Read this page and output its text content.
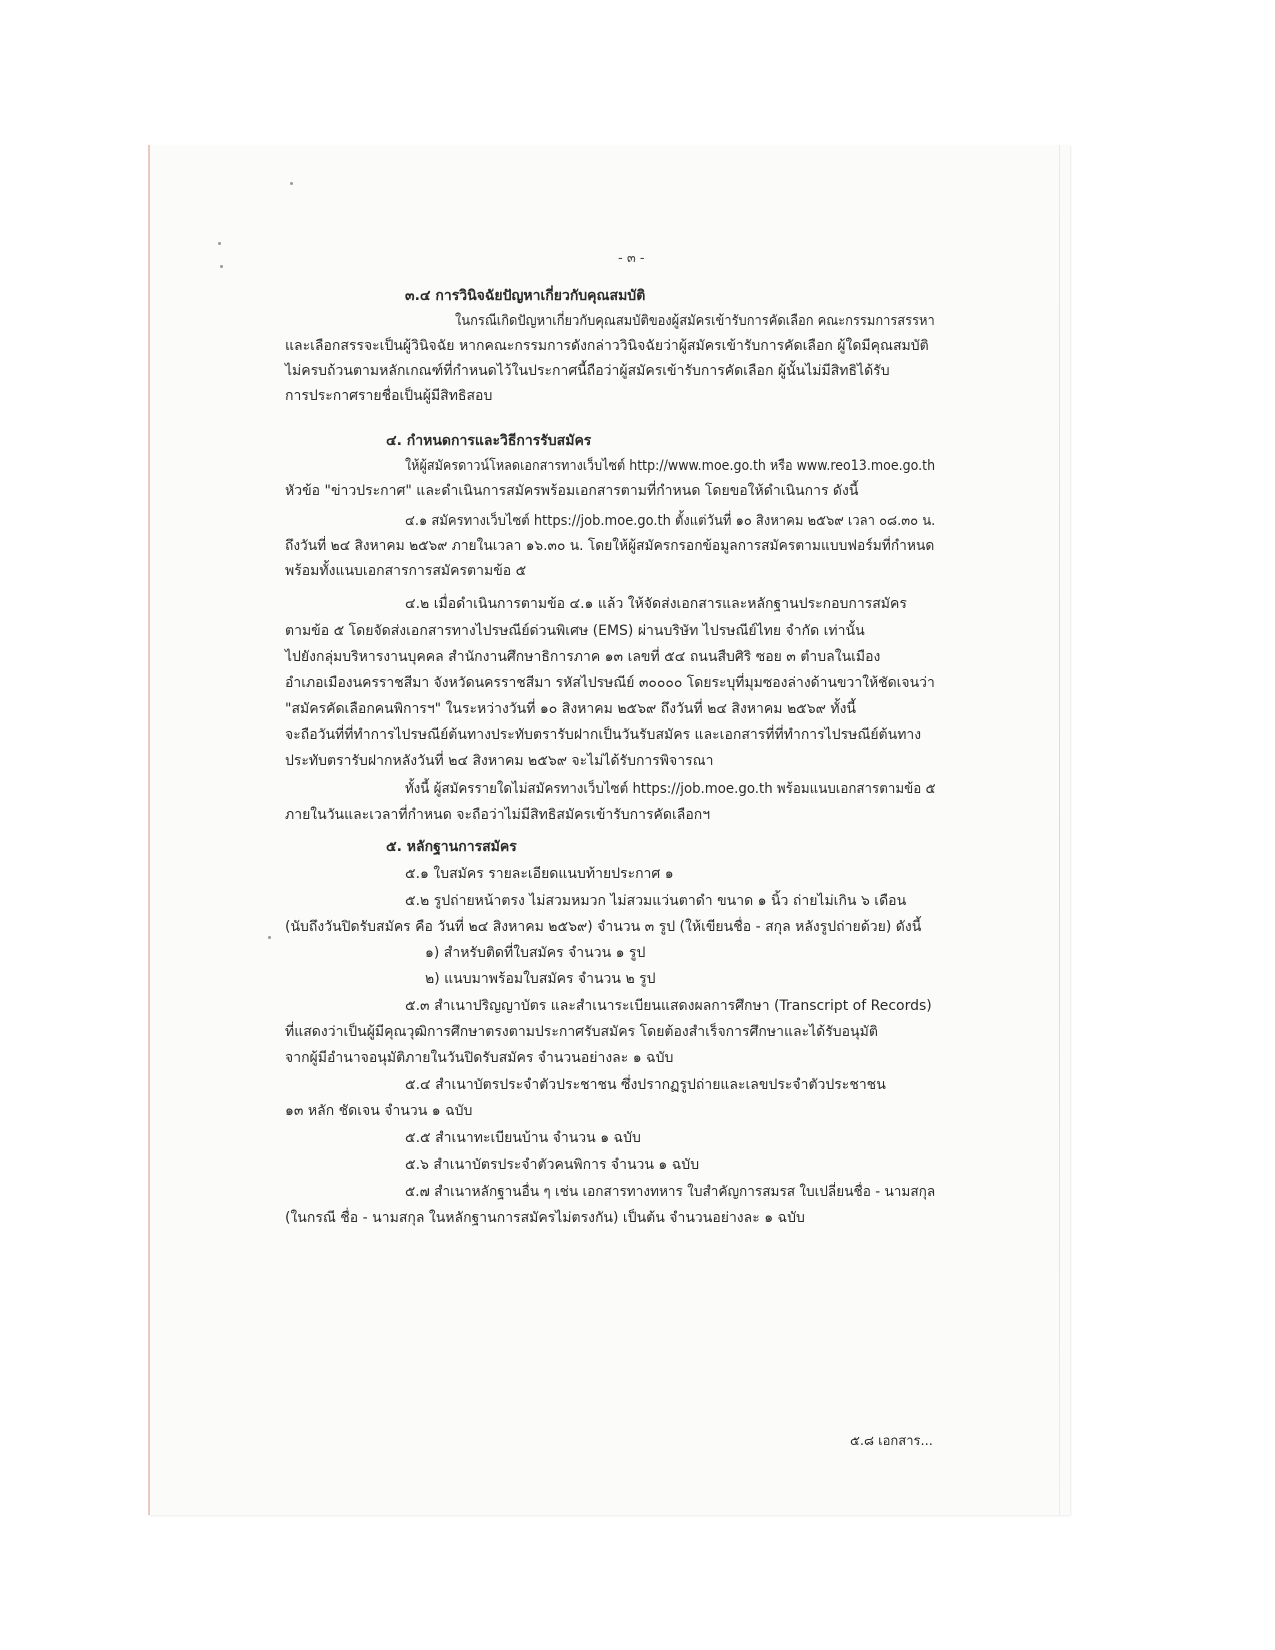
- ๓ -
๓.๔ การวินิจฉัยปัญหาเกี่ยวกับคุณสมบัติ
ในกรณีเกิดปัญหาเกี่ยวกับคุณสมบัติของผู้สมัครเข้ารับการคัดเลือก คณะกรรมการสรรหา
และเลือกสรรจะเป็นผู้วินิจฉัย หากคณะกรรมการดังกล่าววินิจฉัยว่าผู้สมัครเข้ารับการคัดเลือก ผู้ใดมีคุณสมบัติ
ไม่ครบถ้วนตามหลักเกณฑ์ที่กำหนดไว้ในประกาศนี้ถือว่าผู้สมัครเข้ารับการคัดเลือก ผู้นั้นไม่มีสิทธิได้รับ
การประกาศรายชื่อเป็นผู้มีสิทธิสอบ
๔. กำหนดการและวิธีการรับสมัคร
ให้ผู้สมัครดาวน์โหลดเอกสารทางเว็บไซต์ http://www.moe.go.th หรือ www.reo13.moe.go.th
หัวข้อ "ข่าวประกาศ" และดำเนินการสมัครพร้อมเอกสารตามที่กำหนด โดยขอให้ดำเนินการ ดังนี้
๔.๑ สมัครทางเว็บไซต์ https://job.moe.go.th ตั้งแต่วันที่ ๑๐ สิงหาคม ๒๕๖๙ เวลา ๐๘.๓๐ น.
ถึงวันที่ ๒๔ สิงหาคม ๒๕๖๙ ภายในเวลา ๑๖.๓๐ น. โดยให้ผู้สมัครกรอกข้อมูลการสมัครตามแบบฟอร์มที่กำหนด
พร้อมทั้งแนบเอกสารการสมัครตามข้อ ๕
๔.๒ เมื่อดำเนินการตามข้อ ๔.๑ แล้ว ให้จัดส่งเอกสารและหลักฐานประกอบการสมัคร
ตามข้อ ๕ โดยจัดส่งเอกสารทางไปรษณีย์ด่วนพิเศษ (EMS) ผ่านบริษัท ไปรษณีย์ไทย จำกัด เท่านั้น
ไปยังกลุ่มบริหารงานบุคคล สำนักงานศึกษาธิการภาค ๑๓ เลขที่ ๕๔ ถนนสืบศิริ ซอย ๓ ตำบลในเมือง
อำเภอเมืองนครราชสีมา จังหวัดนครราชสีมา รหัสไปรษณีย์ ๓๐๐๐๐ โดยระบุที่มุมซองล่างด้านขวาให้ชัดเจนว่า
"สมัครคัดเลือกคนพิการฯ" ในระหว่างวันที่ ๑๐ สิงหาคม ๒๕๖๙ ถึงวันที่ ๒๔ สิงหาคม ๒๕๖๙ ทั้งนี้
จะถือวันที่ที่ทำการไปรษณีย์ต้นทางประทับตรารับฝากเป็นวันรับสมัคร และเอกสารที่ที่ทำการไปรษณีย์ต้นทาง
ประทับตรารับฝากหลังวันที่ ๒๔ สิงหาคม ๒๕๖๙ จะไม่ได้รับการพิจารณา
ทั้งนี้ ผู้สมัครรายใดไม่สมัครทางเว็บไซต์ https://job.moe.go.th พร้อมแนบเอกสารตามข้อ ๕
ภายในวันและเวลาที่กำหนด จะถือว่าไม่มีสิทธิสมัครเข้ารับการคัดเลือกฯ
๕. หลักฐานการสมัคร
๕.๑ ใบสมัคร รายละเอียดแนบท้ายประกาศ ๑
๕.๒ รูปถ่ายหน้าตรง ไม่สวมหมวก ไม่สวมแว่นตาดำ ขนาด ๑ นิ้ว ถ่ายไม่เกิน ๖ เดือน
(นับถึงวันปิดรับสมัคร คือ วันที่ ๒๔ สิงหาคม ๒๕๖๙) จำนวน ๓ รูป (ให้เขียนชื่อ - สกุล หลังรูปถ่ายด้วย) ดังนี้
๑) สำหรับติดที่ใบสมัคร จำนวน ๑ รูป
๒) แนบมาพร้อมใบสมัคร จำนวน ๒ รูป
๕.๓ สำเนาปริญญาบัตร และสำเนาระเบียนแสดงผลการศึกษา (Transcript of Records)
ที่แสดงว่าเป็นผู้มีคุณวุฒิการศึกษาตรงตามประกาศรับสมัคร โดยต้องสำเร็จการศึกษาและได้รับอนุมัติ
จากผู้มีอำนาจอนุมัติภายในวันปิดรับสมัคร จำนวนอย่างละ ๑ ฉบับ
๕.๔ สำเนาบัตรประจำตัวประชาชน ซึ่งปรากฏรูปถ่ายและเลขประจำตัวประชาชน
๑๓ หลัก ชัดเจน จำนวน ๑ ฉบับ
๕.๕ สำเนาทะเบียนบ้าน จำนวน ๑ ฉบับ
๕.๖ สำเนาบัตรประจำตัวคนพิการ จำนวน ๑ ฉบับ
๕.๗ สำเนาหลักฐานอื่น ๆ เช่น เอกสารทางทหาร ใบสำคัญการสมรส ใบเปลี่ยนชื่อ - นามสกุล
(ในกรณี ชื่อ - นามสกุล ในหลักฐานการสมัครไม่ตรงกัน) เป็นต้น จำนวนอย่างละ ๑ ฉบับ
๕.๘ เอกสาร...
